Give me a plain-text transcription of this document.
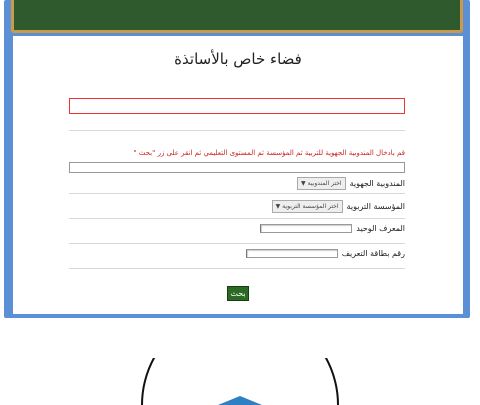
فضاء خاص بالأساتذة
قم بادخال المندوبية الجهوية للتربية ثم المؤسسة ثم المستوى التعليمي ثم انقر على زر "بحث "
المندوبية الجهوية
اختر المندوبية
▼
المؤسسة التربوية
اختر المؤسسة التربوية
▼
المعرف الوحيد
رقم بطاقة التعريف
بحث
